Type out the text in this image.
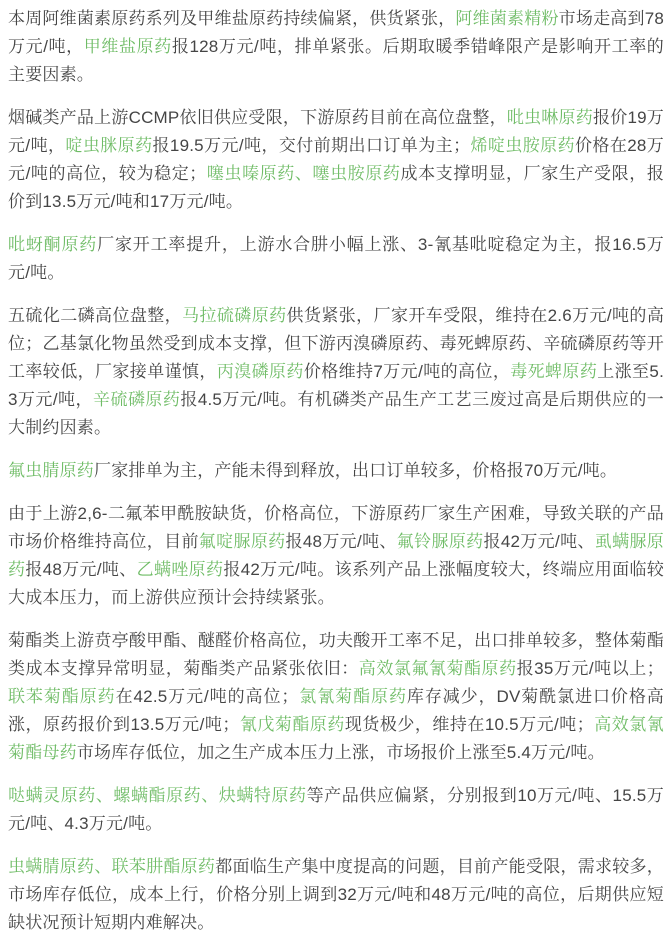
本周阿维菌素原药系列及甲维盐原药持续偏紧，供货紧张，阿维菌素精粉市场走高到78万元/吨，甲维盐原药报128万元/吨，排单紧张。后期取暖季错峰限产是影响开工率的主要因素。

烟碱类产品上游CCMP依旧供应受限，下游原药目前在高位盘整，吡虫啉原药报价19万元/吨，啶虫脒原药报19.5万元/吨，交付前期出口订单为主；烯啶虫胺原药价格在28万元/吨的高位，较为稳定；噻虫嗪原药、噻虫胺原药成本支撑明显，厂家生产受限，报价到13.5万元/吨和17万元/吨。

吡蚜酮原药厂家开工率提升，上游水合肼小幅上涨、3-氰基吡啶稳定为主，报16.5万元/吨。

五硫化二磷高位盘整，马拉硫磷原药供货紧张，厂家开车受限，维持在2.6万元/吨的高位；乙基氯化物虽然受到成本支撑，但下游丙溴磷原药、毒死蜱原药、辛硫磷原药等开工率较低，厂家接单谨慎，丙溴磷原药价格维持7万元/吨的高位，毒死蜱原药上涨至5.3万元/吨，辛硫磷原药报4.5万元/吨。有机磷类产品生产工艺三废过高是后期供应的一大制约因素。

氟虫腈原药厂家排单为主，产能未得到释放，出口订单较多，价格报70万元/吨。

由于上游2,6-二氟苯甲酰胺缺货，价格高位，下游原药厂家生产困难，导致关联的产品市场价格维持高位，目前氟啶脲原药报48万元/吨、氟铃脲原药报42万元/吨、虱螨脲原药报48万元/吨、乙螨唑原药报42万元/吨。该系列产品上涨幅度较大，终端应用面临较大成本压力，而上游供应预计会持续紧张。

菊酯类上游贲亭酸甲酯、醚醛价格高位，功夫酸开工率不足，出口排单较多，整体菊酯类成本支撑异常明显，菊酯类产品紧张依旧：高效氯氟氰菊酯原药报35万元/吨以上；联苯菊酯原药在42.5万元/吨的高位；氯氰菊酯原药库存减少，DV菊酰氯进口价格高涨，原药报价到13.5万元/吨；氰戊菊酯原药现货极少，维持在10.5万元/吨；高效氯氰菊酯母药市场库存低位，加之生产成本压力上涨，市场报价上涨至5.4万元/吨。

哒螨灵原药、螺螨酯原药、炔螨特原药等产品供应偏紧，分别报到10万元/吨、15.5万元/吨、4.3万元/吨。

虫螨腈原药、联苯肼酯原药都面临生产集中度提高的问题，目前产能受限，需求较多，市场库存低位，成本上行，价格分别上调到32万元/吨和48万元/吨的高位，后期供应短缺状况预计短期内难解决。
